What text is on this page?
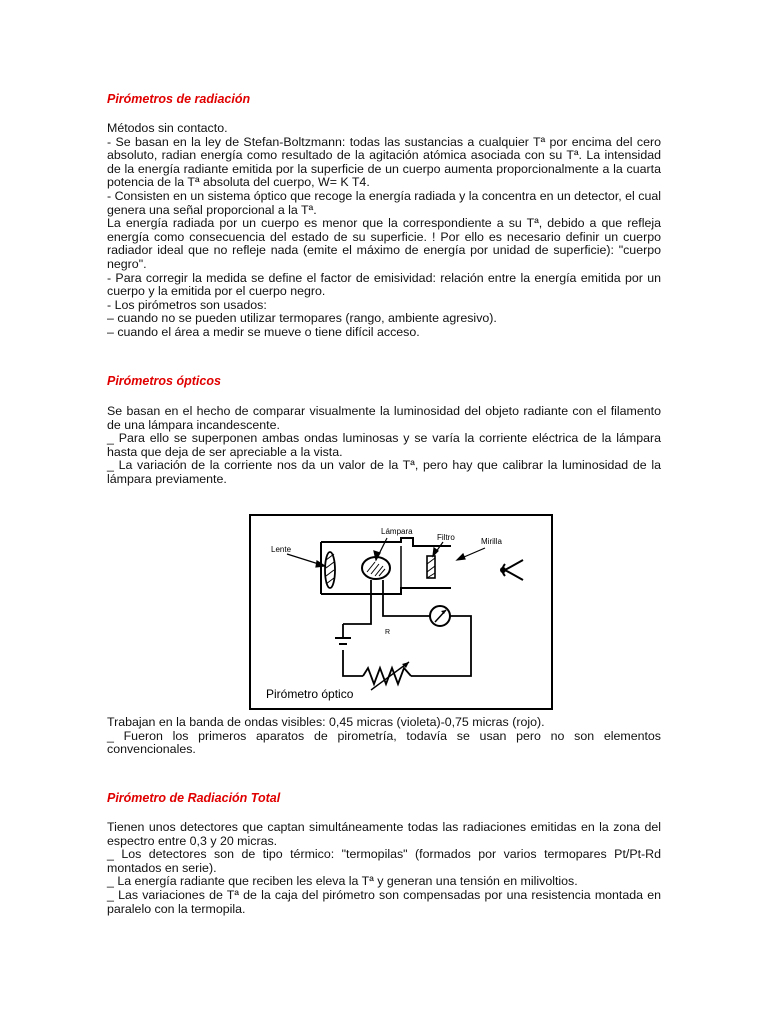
Pirómetros de radiación
Métodos sin contacto.
- Se basan en la ley de Stefan-Boltzmann: todas las sustancias a cualquier Tª por encima del cero absoluto, radian energía como resultado de la agitación atómica asociada con su Tª. La intensidad de la energía radiante emitida por la superficie de un cuerpo aumenta proporcionalmente a la cuarta potencia de la Tª absoluta del cuerpo, W= K T4.
- Consisten en un sistema óptico que recoge la energía radiada y la concentra en un detector, el cual genera una señal proporcional a la Tª.
La energía radiada por un cuerpo es menor que la correspondiente a su Tª, debido a que refleja energía como consecuencia del estado de su superficie. ! Por ello es necesario definir un cuerpo radiador ideal que no refleje nada (emite el máximo de energía por unidad de superficie): "cuerpo negro".
- Para corregir la medida se define el factor de emisividad: relación entre la energía emitida por un cuerpo y la emitida por el cuerpo negro.
- Los pirómetros son usados:
– cuando no se pueden utilizar termopares (rango, ambiente agresivo).
– cuando el área a medir se mueve o tiene difícil acceso.
Pirómetros ópticos
Se basan en el hecho de comparar visualmente la luminosidad del objeto radiante con el filamento de una lámpara incandescente.
_ Para ello se superponen ambas ondas luminosas y se varía la corriente eléctrica de la lámpara hasta que deja de ser apreciable a la vista.
_ La variación de la corriente nos da un valor de la Tª, pero hay que calibrar la luminosidad de la lámpara previamente.
Trabajan en la banda de ondas visibles: 0,45 micras (violeta)-0,75 micras (rojo).
_ Fueron los primeros aparatos de pirometría, todavía se usan pero no son elementos convencionales.
Pirómetro de Radiación Total
Tienen unos detectores que captan simultáneamente todas las radiaciones emitidas en la zona del espectro entre 0,3 y 20 micras.
_ Los detectores son de tipo térmico: "termopilas" (formados por varios termopares Pt/Pt-Rd montados en serie).
_ La energía radiante que reciben les eleva la Tª y generan una tensión en milivoltios.
_ Las variaciones de Tª de la caja del pirómetro son compensadas por una resistencia montada en paralelo con la termopila.
Lente
Lámpara
Filtro	Mirilla
R
Pirómetro óptico
